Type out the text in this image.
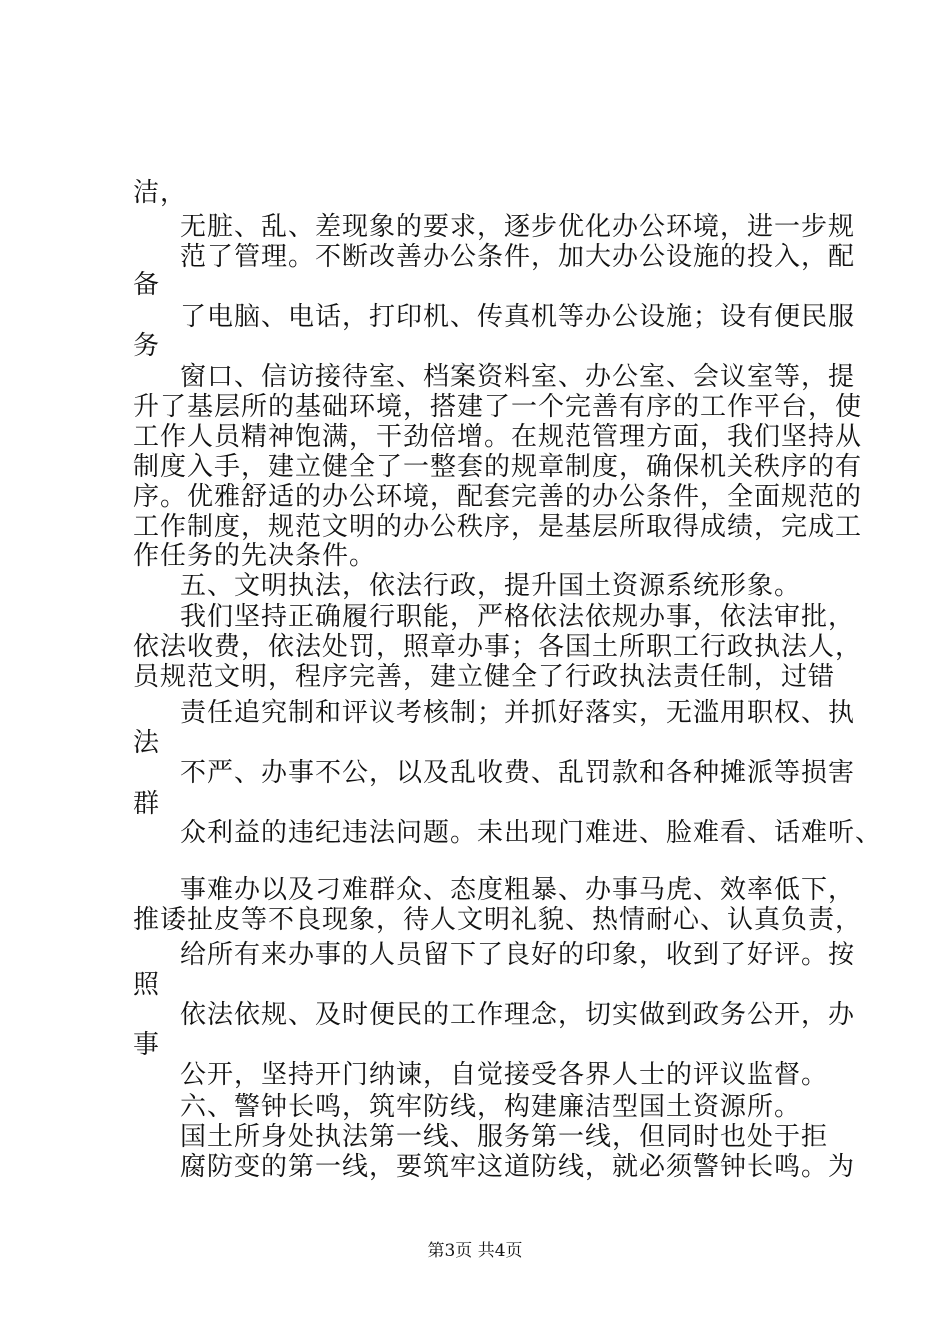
洁，
无脏、乱、差现象的要求，逐步优化办公环境，进一步规
范了管理。不断改善办公条件，加大办公设施的投入，配
备
了电脑、电话，打印机、传真机等办公设施；设有便民服
务
窗口、信访接待室、档案资料室、办公室、会议室等，提
升了基层所的基础环境，搭建了一个完善有序的工作平台，使
工作人员精神饱满，干劲倍增。在规范管理方面，我们坚持从
制度入手，建立健全了一整套的规章制度，确保机关秩序的有
序。优雅舒适的办公环境，配套完善的办公条件，全面规范的
工作制度，规范文明的办公秩序，是基层所取得成绩，完成工
作任务的先决条件。
五、文明执法，依法行政，提升国土资源系统形象。
我们坚持正确履行职能，严格依法依规办事，依法审批，
依法收费，依法处罚，照章办事；各国土所职工行政执法人，
员规范文明，程序完善，建立健全了行政执法责任制，过错
责任追究制和评议考核制；并抓好落实，无滥用职权、执
法
不严、办事不公，以及乱收费、乱罚款和各种摊派等损害
群
众利益的违纪违法问题。未出现门难进、脸难看、话难听、
事难办以及刁难群众、态度粗暴、办事马虎、效率低下，
推诿扯皮等不良现象，待人文明礼貌、热情耐心、认真负责，
给所有来办事的人员留下了良好的印象，收到了好评。按
照
依法依规、及时便民的工作理念，切实做到政务公开，办
事
公开，坚持开门纳谏，自觉接受各界人士的评议监督。
六、警钟长鸣，筑牢防线，构建廉洁型国土资源所。
国土所身处执法第一线、服务第一线，但同时也处于拒
腐防变的第一线，要筑牢这道防线，就必须警钟长鸣。为
第3页 共4页
